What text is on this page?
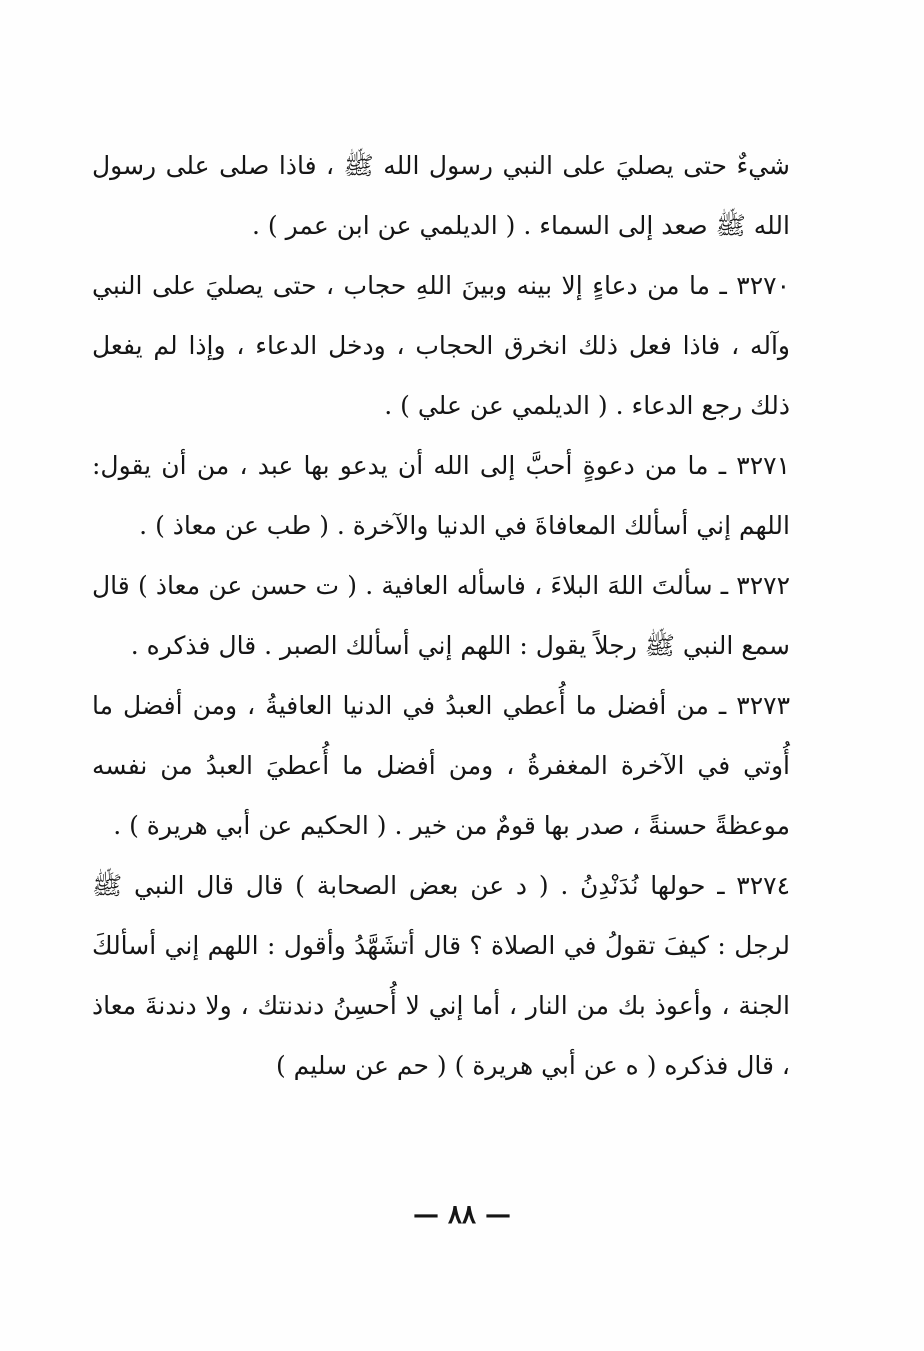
شيءٌ حتى يصليَ على النبي رسول الله ﷺ ، فاذا صلى على رسول الله ﷺ صعد إلى السماء . ( الديلمي عن ابن عمر ) .

٣٢٧٠ ـ ما من دعاءٍ إلا بينه وبينَ اللهِ حجاب ، حتى يصليَ على النبي وآله ، فاذا فعل ذلك انخرق الحجاب ، ودخل الدعاء ، وإذا لم يفعل ذلك رجع الدعاء . ( الديلمي عن علي ) .

٣٢٧١ ـ ما من دعوةٍ أحبَّ إلى الله أن يدعو بها عبد ، من أن يقول: اللهم إني أسألك المعافاةَ في الدنيا والآخرة . ( طب عن معاذ ) .

٣٢٧٢ ـ سألتَ اللهَ البلاءَ ، فاسأله العافية . ( ت حسن عن معاذ ) قال سمع النبي ﷺ رجلاً يقول : اللهم إني أسألك الصبر . قال فذكره .

٣٢٧٣ ـ من أفضل ما أُعطي العبدُ في الدنيا العافيةُ ، ومن أفضل ما أُوتي في الآخرة المغفرةُ ، ومن أفضل ما أُعطيَ العبدُ من نفسه موعظةً حسنةً ، صدر بها قومٌ من خير . ( الحكيم عن أبي هريرة ) .

٣٢٧٤ ـ حولها نُدَنْدِنُ . ( د عن بعض الصحابة ) قال قال النبي ﷺ لرجل : كيفَ تقولُ في الصلاة ؟ قال أتشَهَّدُ وأقول : اللهم إني أسألكَ الجنة ، وأعوذ بك من النار ، أما إني لا أُحسِنُ دندنتك ، ولا دندنةَ معاذ ، قال فذكره ( ه عن أبي هريرة ) ( حم عن سليم )

— ٨٨ —
